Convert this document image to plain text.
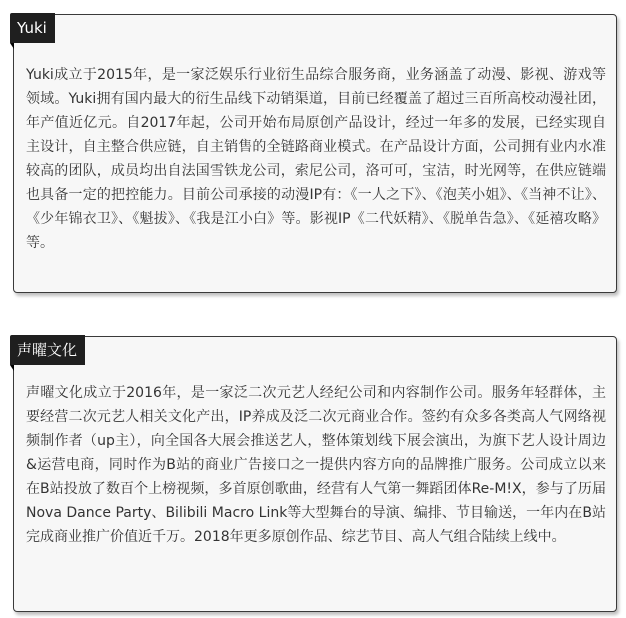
Yuki

Yuki成立于2015年，是一家泛娱乐行业衍生品综合服务商，业务涵盖了动漫、影视、游戏等领域。Yuki拥有国内最大的衍生品线下动销渠道，目前已经覆盖了超过三百所高校动漫社团，年产值近亿元。自2017年起，公司开始布局原创产品设计，经过一年多的发展，已经实现自主设计，自主整合供应链，自主销售的全链路商业模式。在产品设计方面，公司拥有业内水准较高的团队，成员均出自法国雪铁龙公司，索尼公司，洛可可，宝洁，时光网等，在供应链端也具备一定的把控能力。目前公司承接的动漫IP有：《一人之下》、《泡芙小姐》、《当神不让》、《少年锦衣卫》、《魁拔》、《我是江小白》等。影视IP《二代妖精》、《脱单告急》、《延禧攻略》等。

声曜文化

声曜文化成立于2016年，是一家泛二次元艺人经纪公司和内容制作公司。服务年轻群体，主要经营二次元艺人相关文化产出，IP养成及泛二次元商业合作。签约有众多各类高人气网络视频制作者（up主），向全国各大展会推送艺人，整体策划线下展会演出，为旗下艺人设计周边&运营电商，同时作为B站的商业广告接口之一提供内容方向的品牌推广服务。公司成立以来在B站投放了数百个上榜视频，多首原创歌曲，经营有人气第一舞蹈团体Re-M!X，参与了历届Nova Dance Party、Bilibili Macro Link等大型舞台的导演、编排、节目输送，一年内在B站完成商业推广价值近千万。2018年更多原创作品、综艺节目、高人气组合陆续上线中。
